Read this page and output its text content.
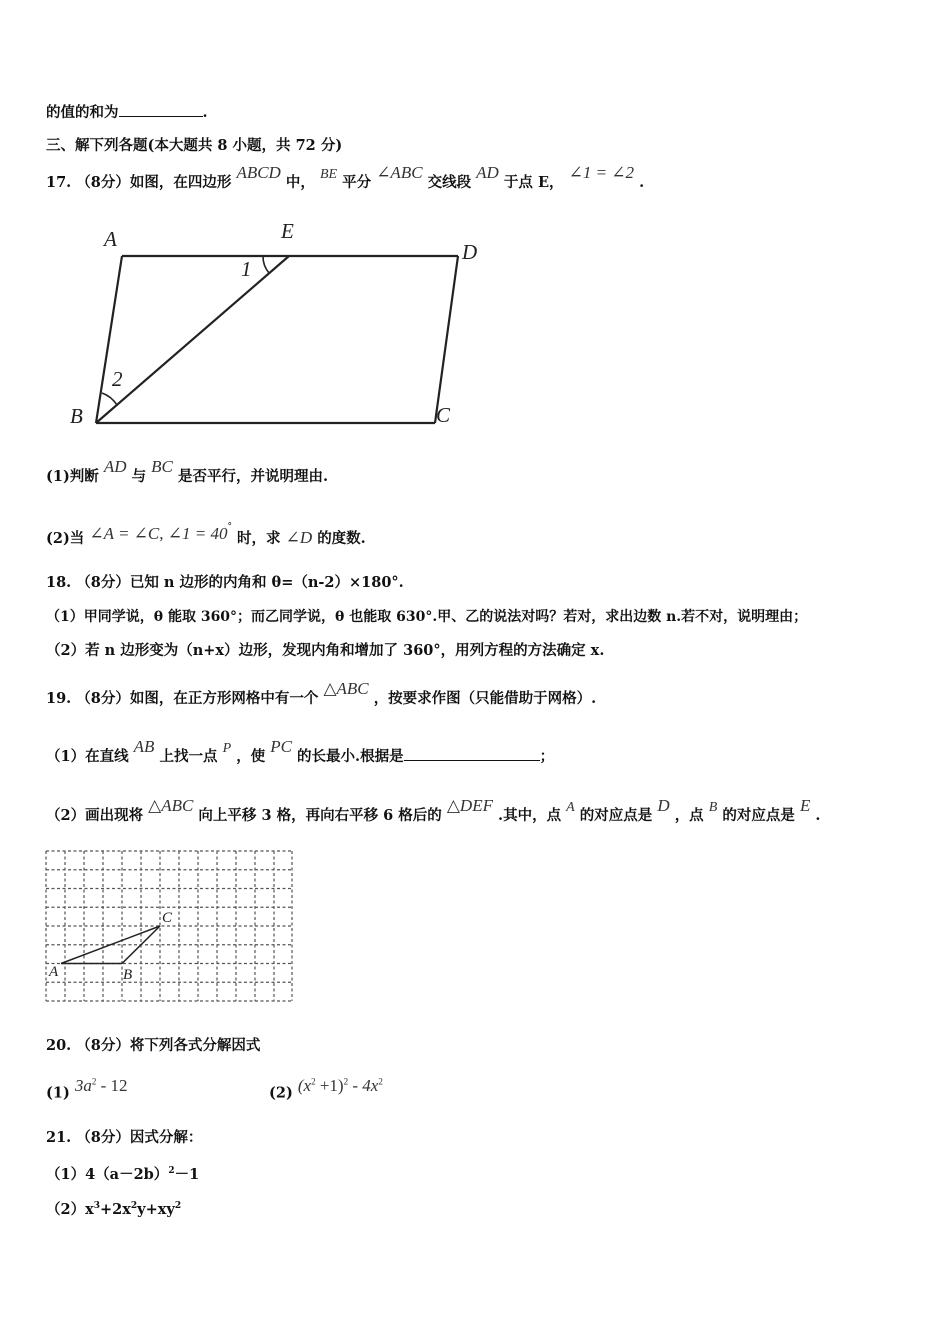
的值的和为	.
三、解下列各题(本大题共 8 小题，共 72 分)
17. （8分）如图，在四边形 ABCD 中， BE 平分 ∠ABC 交线段 AD 于点 E， ∠1 = ∠2 .
A	E
D
B	C
1
2
(1)判断 AD 与 BC 是否平行，并说明理由.
(2)当 ∠A = ∠C, ∠1 = 40° 时，求 ∠D 的度数.
18. （8分）已知 n 边形的内角和 θ=（n-2）×180°.
（1）甲同学说，θ 能取 360°；而乙同学说，θ 也能取 630°.甲、乙的说法对吗？若对，求出边数 n.若不对，说明理由；
（2）若 n 边形变为（n+x）边形，发现内角和增加了 360°，用列方程的方法确定 x.
19. （8分）如图，在正方形网格中有一个 △ABC ，按要求作图（只能借助于网格）.
（1）在直线 AB 上找一点 P ，使 PC 的长最小.根据是	；
（2）画出现将 △ABC 向上平移 3 格，再向右平移 6 格后的 △DEF .其中，点 A 的对应点是 D ，点 B 的对应点是 E .
A	B
C
20. （8分）将下列各式分解因式
(1) $3a^2 - 12$	(2) $(x^2 +1)^2 - 4x^2$
21. （8分）因式分解：
$(1)4(a-2b)^2-1$
$(2)x^3+2x^2y+xy^2$
